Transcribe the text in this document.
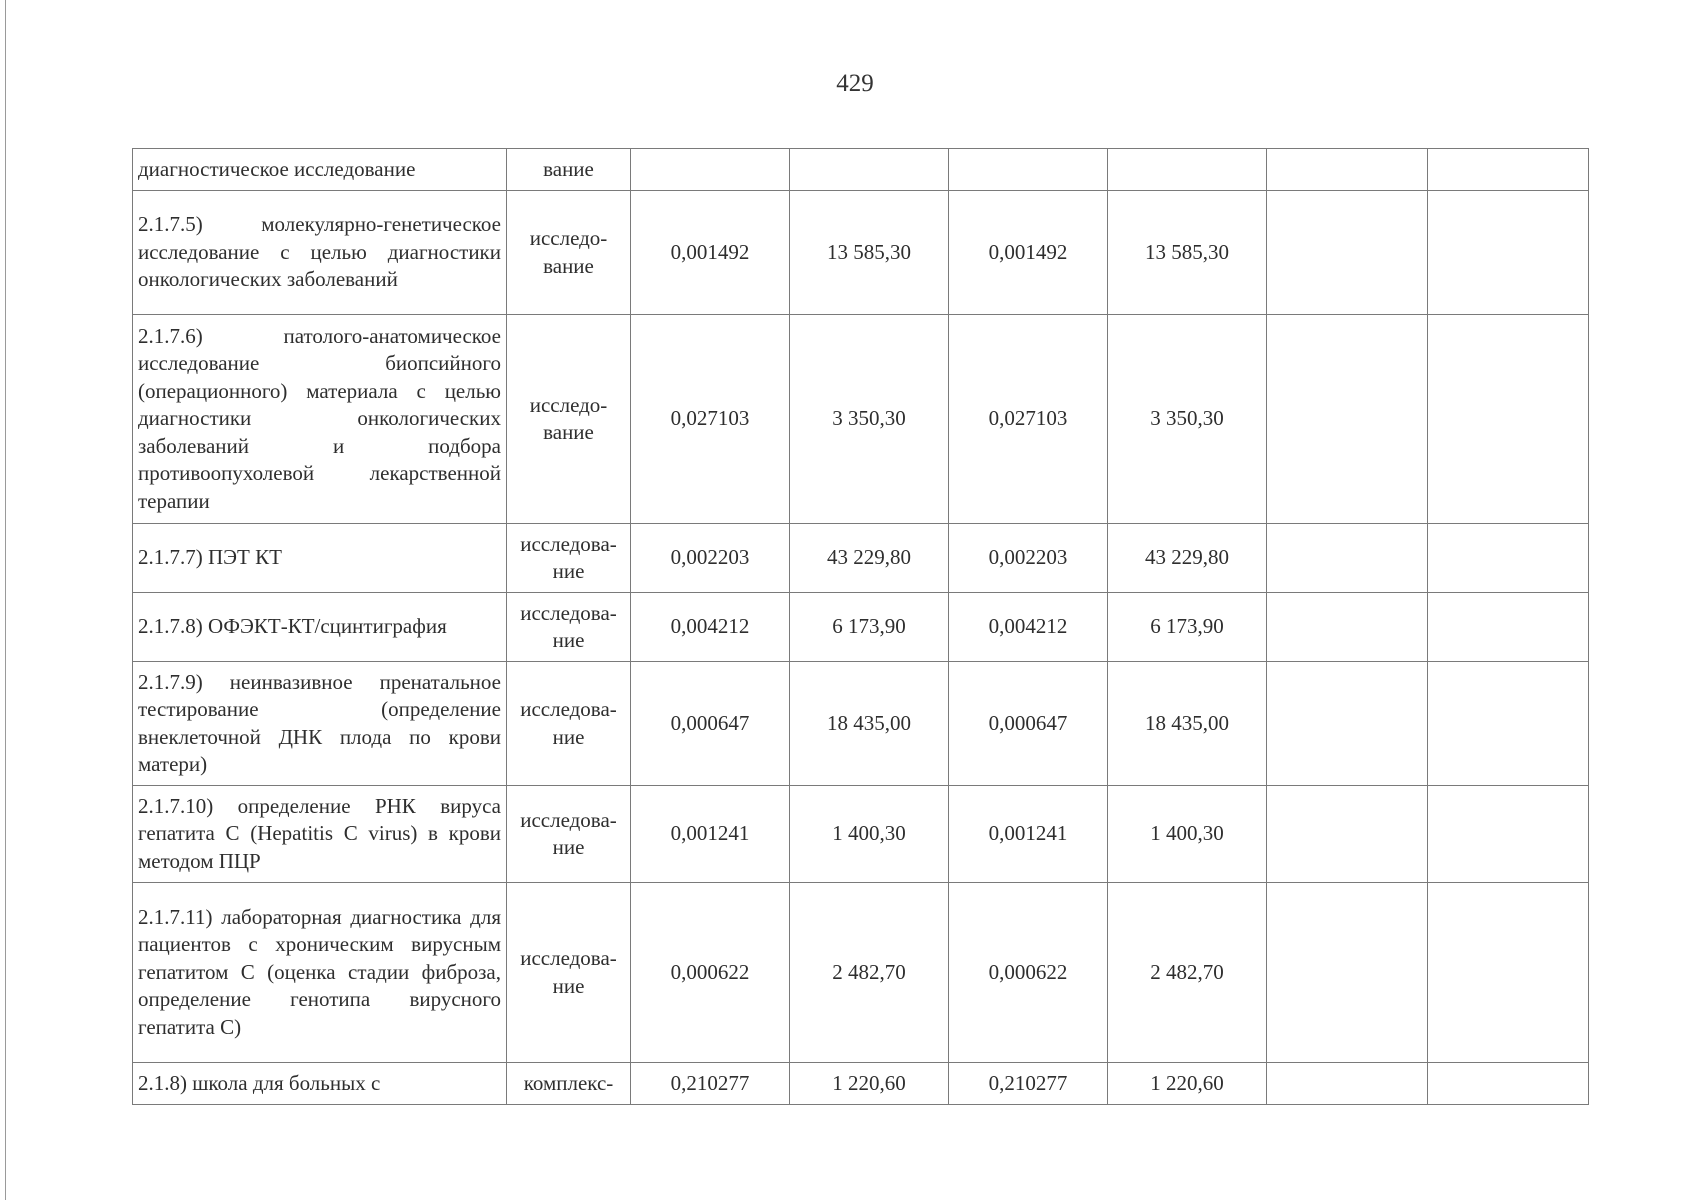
429
диагностическое исследование	вание						
2.1.7.5) молекулярно-генетическое исследование с целью диагностики онкологических заболеваний	исследо-вание	0,001492	13 585,30	0,001492	13 585,30		
2.1.7.6) патолого-анатомическое исследование биопсийного (операционного) материала с целью диагностики онкологических заболеваний и подбора противоопухолевой лекарственной терапии	исследо-вание	0,027103	3 350,30	0,027103	3 350,30		
2.1.7.7) ПЭТ КТ	исследова-ние	0,002203	43 229,80	0,002203	43 229,80		
2.1.7.8) ОФЭКТ-КТ/сцинтиграфия	исследова-ние	0,004212	6 173,90	0,004212	6 173,90		
2.1.7.9) неинвазивное пренатальное тестирование (определение внеклеточной ДНК плода по крови матери)	исследова-ние	0,000647	18 435,00	0,000647	18 435,00		
2.1.7.10) определение РНК вируса гепатита С (Hepatitis C virus) в крови методом ПЦР	исследова-ние	0,001241	1 400,30	0,001241	1 400,30		
2.1.7.11) лабораторная диагностика для пациентов с хроническим вирусным гепатитом С (оценка стадии фиброза, определение генотипа вирусного гепатита С)	исследова-ние	0,000622	2 482,70	0,000622	2 482,70		
2.1.8) школа для больных с	комплекс-	0,210277	1 220,60	0,210277	1 220,60		
